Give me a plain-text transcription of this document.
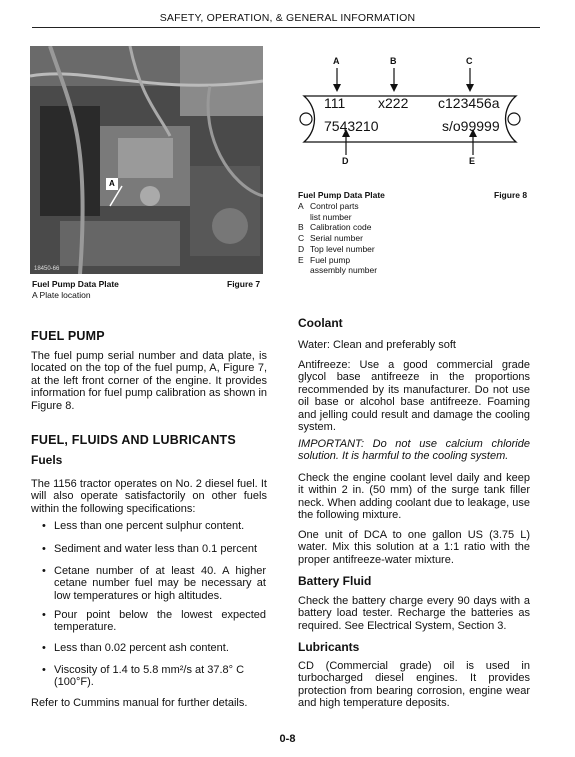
SAFETY, OPERATION, & GENERAL INFORMATION
A
18450-66
Fuel Pump Data Plate	Figure 7
A Plate location
A	B	C
D	E
111 x222 c123456a
7543210	s/o99999
Fuel Pump Data Plate	Figure 8
A Control parts
list number
B Calibration code
C Serial number
D Top level number
E Fuel pump
assembly number
FUEL PUMP
The fuel pump serial number and data plate, is located on the top of the fuel pump, A, Figure 7, at the left front corner of the engine. It provides information for fuel pump calibration as shown in Figure 8.
FUEL, FLUIDS AND LUBRICANTS
Fuels
The 1156 tractor operates on No. 2 diesel fuel. It will also operate satisfactorily on other fuels within the following specifications:
• Less than one percent sulphur content.
• Sediment and water less than 0.1 percent
• Cetane number of at least 40. A higher cetane number fuel may be necessary at low temperatures or high altitudes.
• Pour point below the lowest expected temperature.
• Less than 0.02 percent ash content.
• Viscosity of 1.4 to 5.8 mm²/s at 37.8° C (100°F).
Refer to Cummins manual for further details.
Coolant
Water: Clean and preferably soft
Antifreeze: Use a good commercial grade glycol base antifreeze in the proportions recommended by its manufacturer. Do not use oil base or alcohol base antifreeze. Foaming and jelling could result and damage the cooling system.
IMPORTANT: Do not use calcium chloride solution. It is harmful to the cooling system.
Check the engine coolant level daily and keep it within 2 in. (50 mm) of the surge tank filler neck. When adding coolant due to leakage, use the following mixture.
One unit of DCA to one gallon US (3.75 L) water. Mix this solution at a 1:1 ratio with the proper antifreeze-water mixture.
Battery Fluid
Check the battery charge every 90 days with a battery load tester. Recharge the batteries as required. See Electrical System, Section 3.
Lubricants
CD (Commercial grade) oil is used in turbocharged diesel engines. It provides protection from bearing corrosion, engine wear and high temperature deposits.
0-8
